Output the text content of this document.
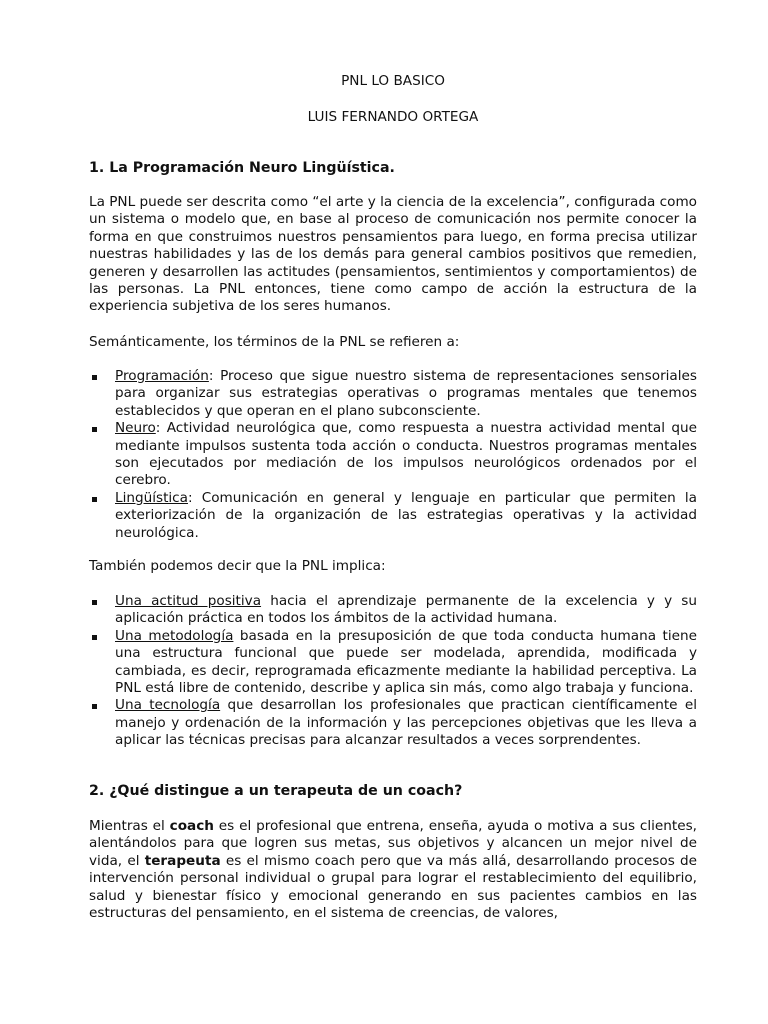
PNL LO BASICO
LUIS FERNANDO ORTEGA
1. La Programación Neuro Lingüística.
La PNL puede ser descrita como “el arte y la ciencia de la excelencia”, configurada como un sistema o modelo que, en base al proceso de comunicación nos permite conocer la forma en que construimos nuestros pensamientos para luego, en forma precisa utilizar nuestras habilidades y las de los demás para general cambios positivos que remedien, generen y desarrollen las actitudes (pensamientos, sentimientos y comportamientos) de las personas. La PNL entonces, tiene como campo de acción la estructura de la experiencia subjetiva de los seres humanos.
Semánticamente, los términos de la PNL se refieren a:
Programación: Proceso que sigue nuestro sistema de representaciones sensoriales para organizar sus estrategias operativas o programas mentales que tenemos establecidos y que operan en el plano subconsciente.
Neuro: Actividad neurológica que, como respuesta a nuestra actividad mental que mediante impulsos sustenta toda acción o conducta. Nuestros programas mentales son ejecutados por mediación de los impulsos neurológicos ordenados por el cerebro.
Lingüística: Comunicación en general y lenguaje en particular que permiten la exteriorización de la organización de las estrategias operativas y la actividad neurológica.
También podemos decir que la PNL implica:
Una actitud positiva hacia el aprendizaje permanente de la excelencia y y su aplicación práctica en todos los ámbitos de la actividad humana.
Una metodología basada en la presuposición de que toda conducta humana tiene una estructura funcional que puede ser modelada, aprendida, modificada y cambiada, es decir, reprogramada eficazmente mediante la habilidad perceptiva. La PNL está libre de contenido, describe y aplica sin más, como algo trabaja y funciona.
Una tecnología que desarrollan los profesionales que practican científicamente el manejo y ordenación de la información y las percepciones objetivas que les lleva a aplicar las técnicas precisas para alcanzar resultados a veces sorprendentes.
2. ¿Qué distingue a un terapeuta de un coach?
Mientras el coach es el profesional que entrena, enseña, ayuda o motiva a sus clientes, alentándolos para que logren sus metas, sus objetivos y alcancen un mejor nivel de vida, el terapeuta es el mismo coach pero que va más allá, desarrollando procesos de intervención personal individual o grupal para lograr el restablecimiento del equilibrio, salud y bienestar físico y emocional generando en sus pacientes cambios en las estructuras del pensamiento, en el sistema de creencias, de valores,
